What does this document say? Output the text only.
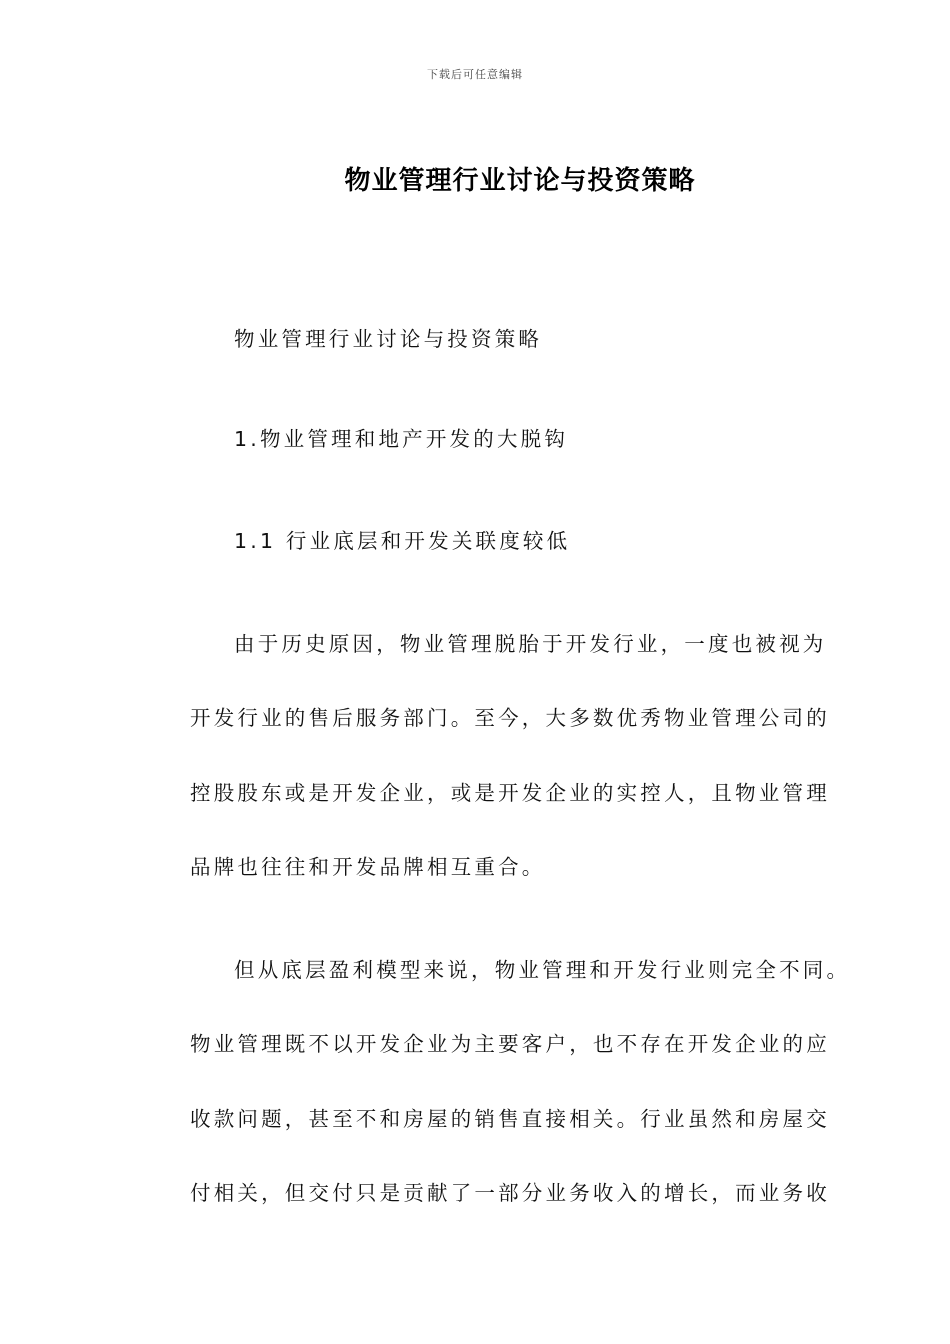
下载后可任意编辑
物业管理行业讨论与投资策略
物业管理行业讨论与投资策略
1.物业管理和地产开发的大脱钩
1.1 行业底层和开发关联度较低
由于历史原因，物业管理脱胎于开发行业，一度也被视为
开发行业的售后服务部门。至今，大多数优秀物业管理公司的
控股股东或是开发企业，或是开发企业的实控人，且物业管理
品牌也往往和开发品牌相互重合。
但从底层盈利模型来说，物业管理和开发行业则完全不同。
物业管理既不以开发企业为主要客户，也不存在开发企业的应
收款问题，甚至不和房屋的销售直接相关。行业虽然和房屋交
付相关，但交付只是贡献了一部分业务收入的增长，而业务收
